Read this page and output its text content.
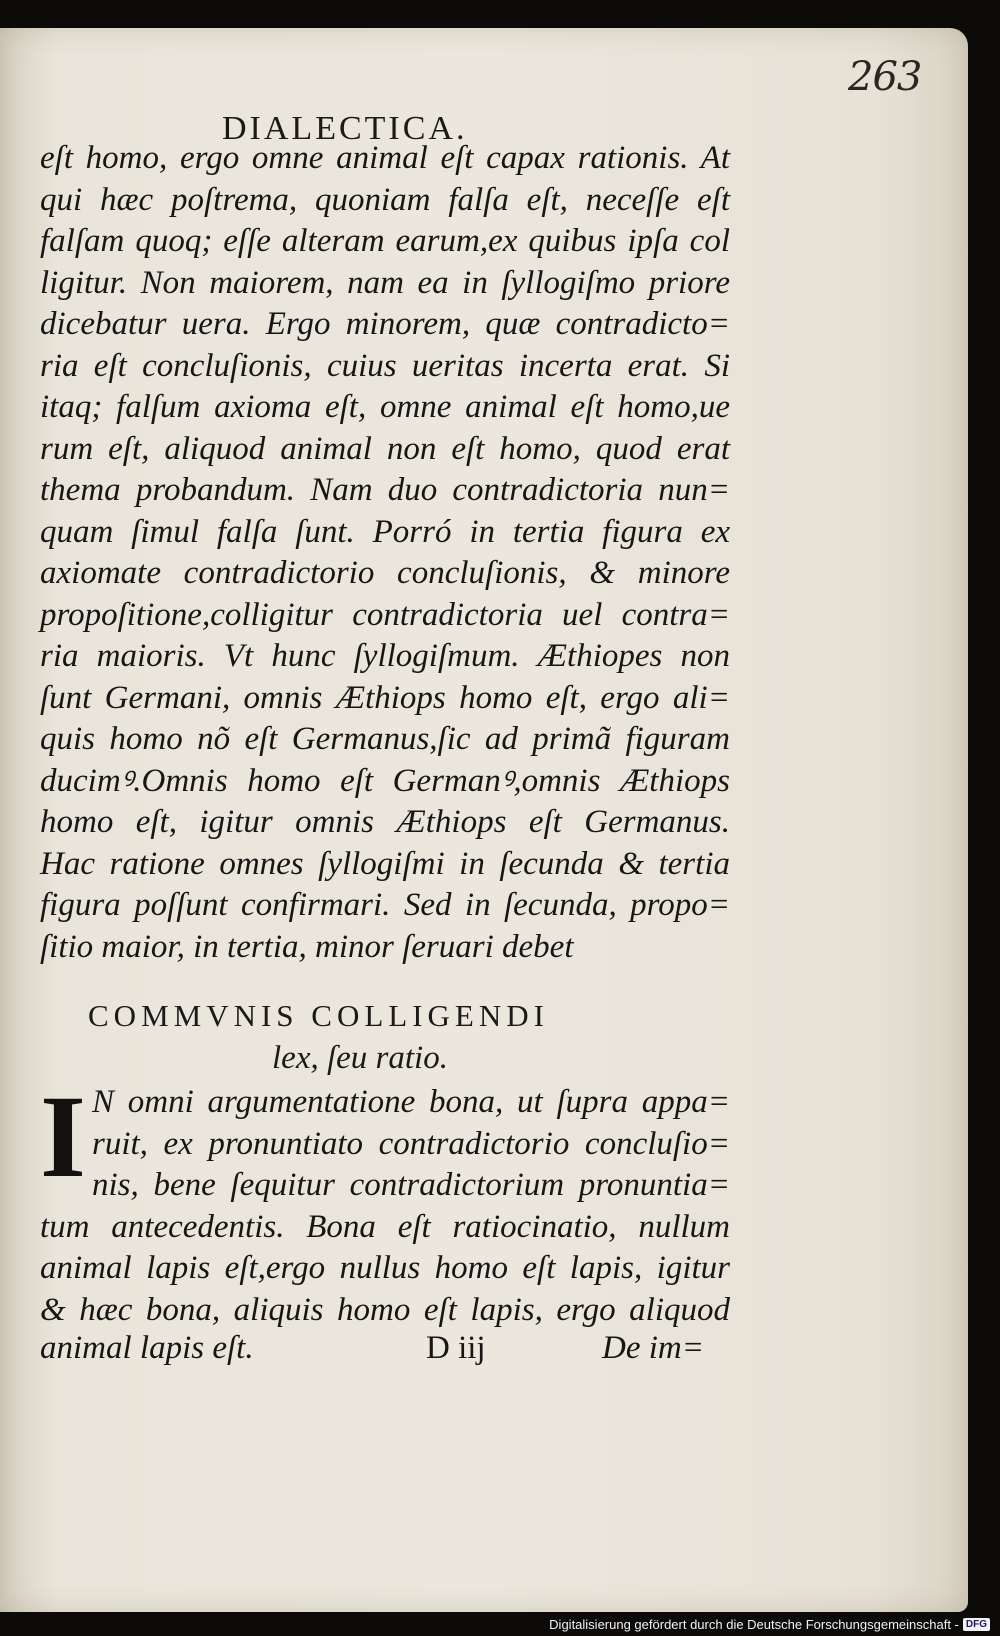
263
DIALECTICA.
eſt homo, ergo omne animal eſt capax rationis. At
qui hæc poſtrema, quoniam falſa eſt, neceſſe eſt
falſam quoq; eſſe alteram earum,ex quibus ipſa col
ligitur. Non maiorem, nam ea in ſyllogiſmo priore
dicebatur uera. Ergo minorem, quæ contradicto=
ria eſt concluſionis, cuius ueritas incerta erat. Si
itaq; falſum axioma eſt, omne animal eſt homo,ue
rum eſt, aliquod animal non eſt homo, quod erat
thema probandum. Nam duo contradictoria nun=
quam ſimul falſa ſunt. Porró in tertia figura ex
axiomate contradictorio concluſionis, & minore
propoſitione,colligitur contradictoria uel contra=
ria maioris. Vt hunc ſyllogiſmum. Æthiopes non
ſunt Germani, omnis Æthiops homo eſt, ergo ali=
quis homo nõ eſt Germanus,ſic ad primã figuram
ducimꝰ.Omnis homo eſt Germanꝰ,omnis Æthiops
homo eſt, igitur omnis Æthiops eſt Germanus.
Hac ratione omnes ſyllogiſmi in ſecunda & tertia
figura poſſunt confirmari. Sed in ſecunda, propo=
ſitio maior, in tertia, minor ſeruari debet
COMMVNIS COLLIGENDI
lex, ſeu ratio.
I N omni argumentatione bona, ut ſupra appa=
ruit, ex pronuntiato contradictorio concluſio=
nis, bene ſequitur contradictorium pronuntia=
tum antecedentis. Bona eſt ratiocinatio, nullum
animal lapis eſt,ergo nullus homo eſt lapis, igitur
& hæc bona, aliquis homo eſt lapis, ergo aliquod
animal lapis eſt.	D iij	De im=
Digitalisierung gefördert durch die Deutsche Forschungsgemeinschaft - DFG
